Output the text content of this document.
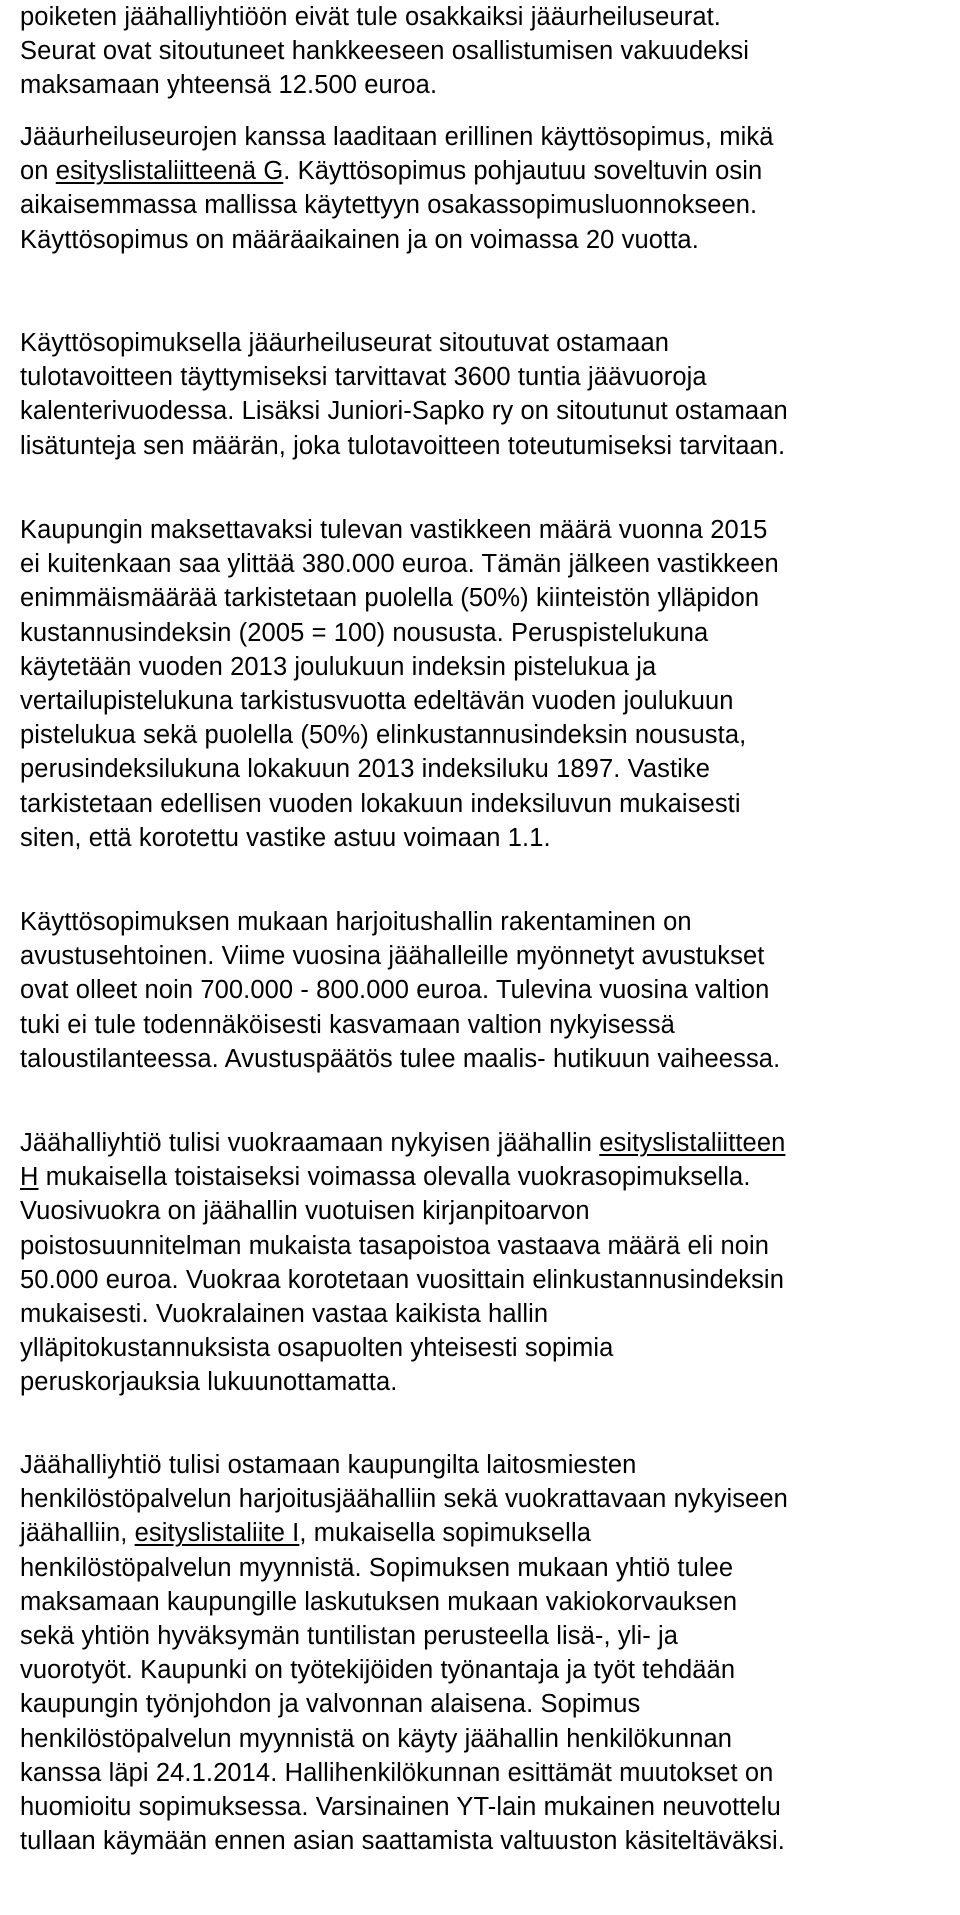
poiketen jäähalliyhtiöön eivät tule osakkaiksi jääurheiluseurat.
Seurat ovat sitoutuneet hankkeeseen osallistumisen vakuudeksi
maksamaan yhteensä 12.500 euroa.
Jääurheiluseurojen kanssa laaditaan erillinen käyttösopimus, mikä
on esityslistaliitteenä G. Käyttösopimus pohjautuu soveltuvin osin
aikaisemmassa mallissa käytettyyn osakassopimusluonnokseen.
Käyttösopimus on määräaikainen ja on voimassa 20 vuotta.
Käyttösopimuksella jääurheiluseurat sitoutuvat ostamaan
tulotavoitteen täyttymiseksi tarvittavat 3600 tuntia jäävuoroja
kalenterivuodessa. Lisäksi Juniori-Sapko ry on sitoutunut ostamaan
lisätunteja sen määrän, joka tulotavoitteen toteutumiseksi tarvitaan.
Kaupungin maksettavaksi tulevan vastikkeen määrä vuonna 2015
ei kuitenkaan saa ylittää 380.000 euroa. Tämän jälkeen vastikkeen
enimmäismäärää tarkistetaan puolella (50%) kiinteistön ylläpidon
kustannusindeksin (2005 = 100) noususta. Peruspistelukuna
käytetään vuoden 2013 joulukuun indeksin pistelukua ja
vertailupistelukuna tarkistusvuotta edeltävän vuoden joulukuun
pistelukua sekä puolella (50%) elinkustannusindeksin noususta,
perusindeksilukuna lokakuun 2013 indeksiluku 1897. Vastike
tarkistetaan edellisen vuoden lokakuun indeksiluvun mukaisesti
siten, että korotettu vastike astuu voimaan 1.1.
Käyttösopimuksen mukaan harjoitushallin rakentaminen on
avustusehtoinen. Viime vuosina jäähalleille myönnetyt avustukset
ovat olleet noin 700.000 - 800.000 euroa. Tulevina vuosina valtion
tuki ei tule todennäköisesti kasvamaan valtion nykyisessä
taloustilanteessa. Avustuspäätös tulee maalis- hutikuun vaiheessa.
Jäähalliyhtiö tulisi vuokraamaan nykyisen jäähallin esityslistaliitteen
H mukaisella toistaiseksi voimassa olevalla vuokrasopimuksella.
Vuosivuokra on jäähallin vuotuisen kirjanpitoarvon
poistosuunnitelman mukaista tasapoistoa vastaava määrä eli noin
50.000 euroa. Vuokraa korotetaan vuosittain elinkustannusindeksin
mukaisesti. Vuokralainen vastaa kaikista hallin
ylläpitokustannuksista osapuolten yhteisesti sopimia
peruskorjauksia lukuunottamatta.
Jäähalliyhtiö tulisi ostamaan kaupungilta laitosmiesten
henkilöstöpalvelun harjoitusjäähalliin sekä vuokrattavaan nykyiseen
jäähalliin, esityslistaliite I, mukaisella sopimuksella
henkilöstöpalvelun myynnistä. Sopimuksen mukaan yhtiö tulee
maksamaan kaupungille laskutuksen mukaan vakiokorvauksen
sekä yhtiön hyväksymän tuntilistan perusteella lisä-, yli- ja
vuorotyöt. Kaupunki on työtekijöiden työnantaja ja työt tehdään
kaupungin työnjohdon ja valvonnan alaisena. Sopimus
henkilöstöpalvelun myynnistä on käyty jäähallin henkilökunnan
kanssa läpi 24.1.2014. Hallihenkilökunnan esittämät muutokset on
huomioitu sopimuksessa. Varsinainen YT-lain mukainen neuvottelu
tullaan käymään ennen asian saattamista valtuuston käsiteltäväksi.
